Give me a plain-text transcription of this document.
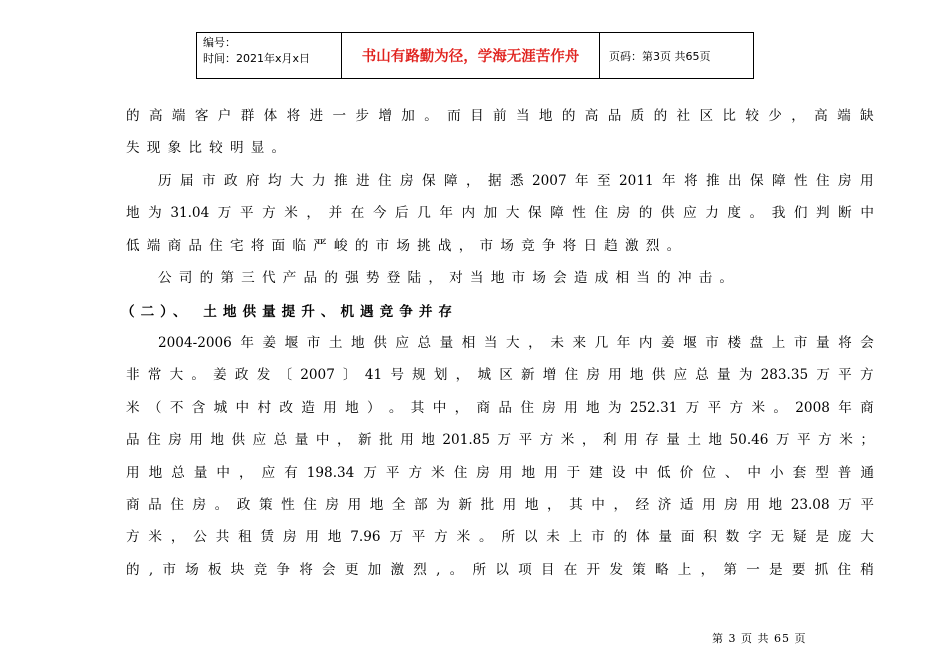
编号：
时间：2021年x月x日	书山有路勤为径，学海无涯苦作舟	页码：第3页 共65页
的 高 端 客 户 群 体 将 进 一 步 增 加 。 而 目 前 当 地 的 高 品 质 的 社 区 比 较 少 ， 高 端 缺
失现象比较明显。
历 届 市 政 府 均 大 力 推 进 住 房 保 障 ， 据 悉 2007 年 至 2011 年 将 推 出 保 障 性 住 房 用
地 为 31.04 万 平 方 米 ， 并 在 今 后 几 年 内 加 大 保 障 性 住 房 的 供 应 力 度 。 我 们 判 断 中
低端商品住宅将面临严峻的市场挑战，市场竞争将日趋激烈。
公司的第三代产品的强势登陆，对当地市场会造成相当的冲击。
（二）、 土地供量提升、机遇竞争并存
2004-2006 年 姜 堰 市 土 地 供 应 总 量 相 当 大 ， 未 来 几 年 内 姜 堰 市 楼 盘 上 市 量 将 会
非 常 大 。 姜 政 发 〔 2007 〕 41 号 规 划 ， 城 区 新 增 住 房 用 地 供 应 总 量 为 283.35 万 平 方
米 （ 不 含 城 中 村 改 造 用 地 ） 。 其 中 ， 商 品 住 房 用 地 为 252.31 万 平 方 米 。 2008 年 商
品 住 房 用 地 供 应 总 量 中 ， 新 批 用 地 201.85 万 平 方 米 ， 利 用 存 量 土 地 50.46 万 平 方 米 ；
用 地 总 量 中 ， 应 有 198.34 万 平 方 米 住 房 用 地 用 于 建 设 中 低 价 位 、 中 小 套 型 普 通
商 品 住 房 。 政 策 性 住 房 用 地 全 部 为 新 批 用 地 ， 其 中 ， 经 济 适 用 房 用 地 23.08 万 平
方 米 ， 公 共 租 赁 房 用 地 7.96 万 平 方 米 。 所 以 未 上 市 的 体 量 面 积 数 字 无 疑 是 庞 大
的 , 市 场 板 块 竞 争 将 会 更 加 激 烈 , 。 所 以 项 目 在 开 发 策 略 上 ， 第 一 是 要 抓 住 稍
第 3 页 共 65 页
